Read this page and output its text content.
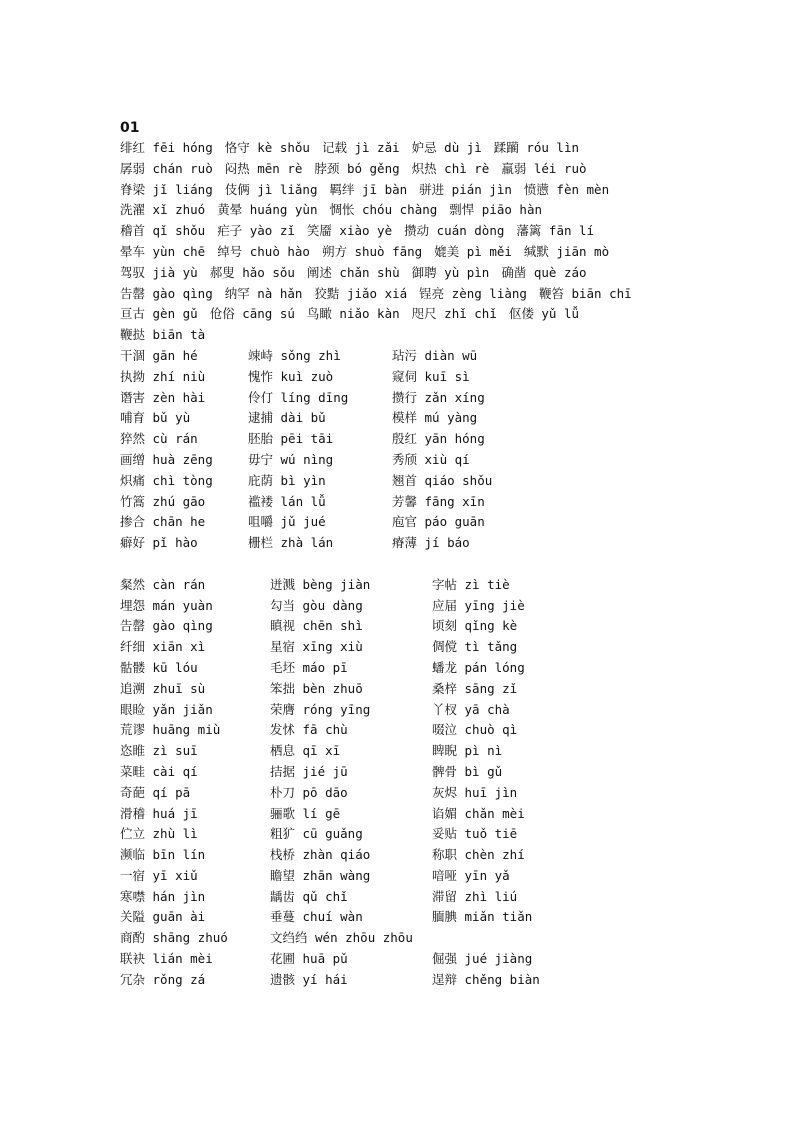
01
绯红 fēi hóng 恪守 kè shǒu 记载 jì zǎi 妒忌 dù jì 蹂躏 róu lìn
孱弱 chán ruò 闷热 mēn rè 脖颈 bó gěng 炽热 chì rè 羸弱 léi ruò
脊梁 jǐ liáng 伎俩 jì liǎng 羁绊 jī bàn 骈进 pián jìn 愤懑 fèn mèn
洗濯 xǐ zhuó 黄晕 huáng yùn 惆怅 chóu chàng 剽悍 piāo hàn
稽首 qǐ shǒu 疟子 yào zǐ 笑靥 xiào yè 攒动 cuán dòng 藩篱 fān lí
晕车 yùn chē 绰号 chuò hào 朔方 shuò fāng 媲美 pì měi 缄默 jiān mò
驾驭 jià yù 郝叟 hǎo sǒu 阐述 chǎn shù 御聘 yù pìn 确凿 què záo
告罄 gào qìng 纳罕 nà hǎn 狡黠 jiǎo xiá 锃亮 zèng liàng 鞭笞 biān chī
亘古 gèn gǔ 伧俗 cāng sú 鸟瞰 niǎo kàn 咫尺 zhǐ chǐ 伛偻 yǔ lǚ
鞭挞 biān tà
干涸 gān hé	竦峙 sǒng zhì	玷污 diàn wū
执拗 zhí niù	愧怍 kuì zuò	窥伺 kuī sì
谮害 zèn hài	伶仃 líng dīng	攒行 zǎn xíng
哺育 bǔ yù	逮捕 dài bǔ	模样 mú yàng
猝然 cù rán	胚胎 pēi tāi	殷红 yān hóng
画缯 huà zēng	毋宁 wú nìng	秀颀 xiù qí
炽痛 chì tòng	庇荫 bì yìn	翘首 qiáo shǒu
竹篙 zhú gāo	褴褛 lán lǚ	芳馨 fāng xīn
掺合 chān he	咀嚼 jǔ jué	庖官 páo guān
癖好 pǐ hào	栅栏 zhà lán	瘠薄 jí báo
粲然 càn rán	迸溅 bèng jiàn	字帖 zì tiè
埋怨 mán yuàn	勾当 gòu dàng	应届 yīng jiè
告罄 gào qìng	瞋视 chēn shì	顷刻 qǐng kè
纤细 xiān xì	星宿 xīng xiù	倜傥 tì tǎng
骷髅 kū lóu	毛坯 máo pī	蟠龙 pán lóng
追溯 zhuī sù	笨拙 bèn zhuō	桑梓 sāng zǐ
眼睑 yǎn jiǎn	荣膺 róng yīng	丫杈 yā chà
荒谬 huāng miù	发怵 fā chù	啜泣 chuò qì
恣睢 zì suī	栖息 qī xī	睥睨 pì nì
菜畦 cài qí	拮据 jié jū	髀骨 bì gǔ
奇葩 qí pā	朴刀 pō dāo	灰烬 huī jìn
滑稽 huá jī	骊歌 lí gē	谄媚 chǎn mèi
伫立 zhù lì	粗犷 cū guǎng	妥贴 tuǒ tiē
濒临 bīn lín	栈桥 zhàn qiáo	称职 chèn zhí
一宿 yī xiǔ	瞻望 zhān wàng	喑哑 yīn yǎ
寒噤 hán jìn	龋齿 qǔ chǐ	滞留 zhì liú
关隘 guān ài	垂蔓 chuí wàn	腼腆 miǎn tiǎn
商酌 shāng zhuó	文绉绉 wén zhōu zhōu
联袂 lián mèi	花圃 huā pǔ	倔强 jué jiàng
冗杂 rǒng zá	遗骸 yí hái	逞辩 chěng biàn
